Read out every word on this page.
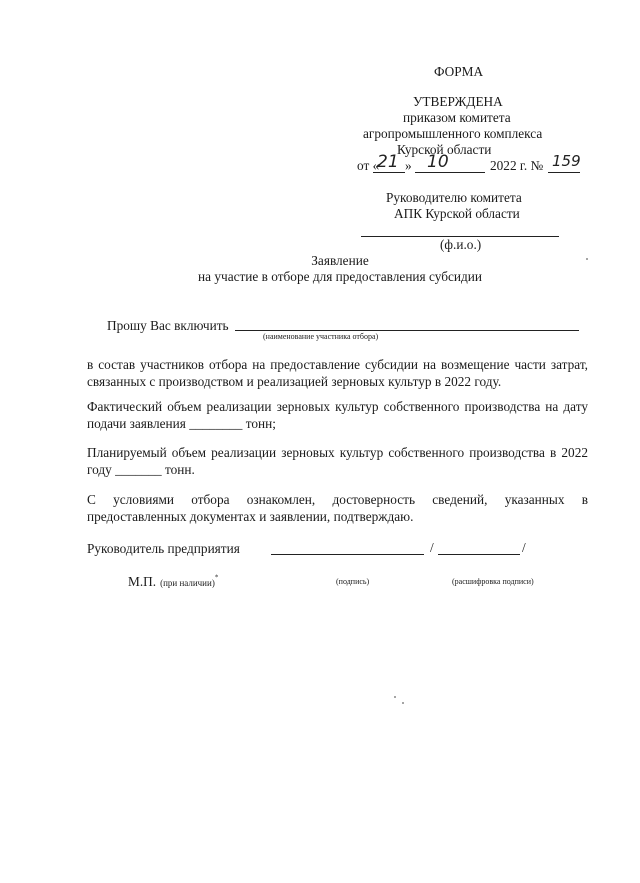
ФОРМА
УТВЕРЖДЕНА
приказом комитета
агропромышленного комплекса
Курской области
от «
21 » 10	2022 г. № 159
Руководителю комитета
АПК Курской области
(ф.и.о.)
Заявление
на участие в отборе для предоставления субсидии
Прошу Вас включить
(наименование участника отбора)
в состав участников отбора на предоставление субсидии на возмещение части затрат, связанных с производством и реализацией зерновых культур в 2022 году.
Фактический объем реализации зерновых культур собственного производства на дату подачи заявления ________ тонн;
Планируемый объем реализации зерновых культур собственного производства в 2022 году _______ тонн.
С условиями отбора ознакомлен, достоверность сведений, указанных в предоставленных документах и заявлении, подтверждаю.
Руководитель предприятия	/	/
М.П. (при наличии)*	(подпись)	(расшифровка подписи)
